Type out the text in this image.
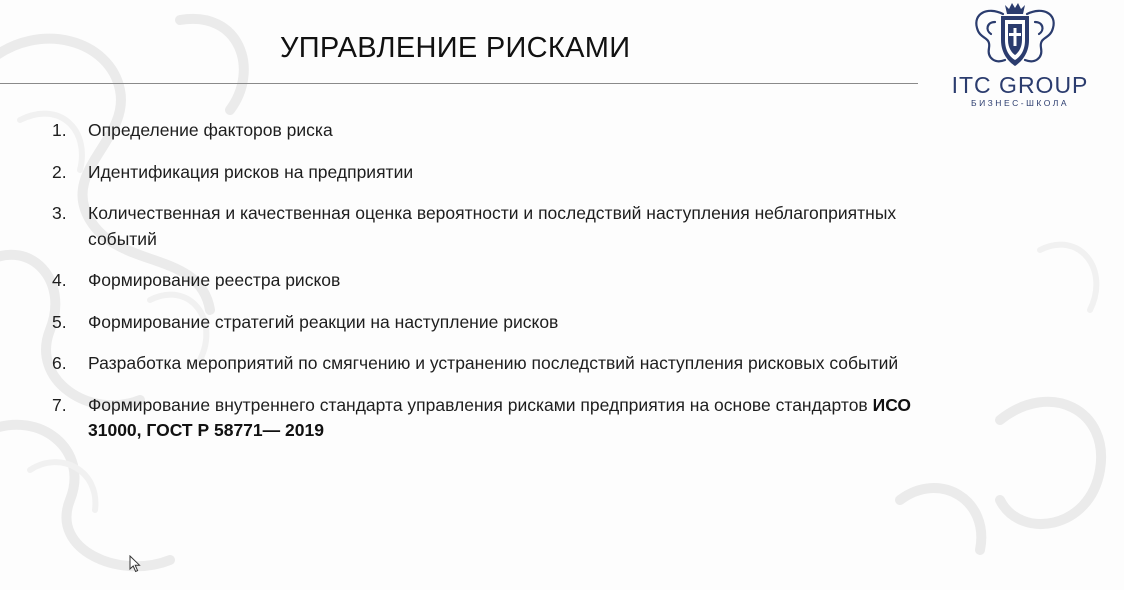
УПРАВЛЕНИЕ РИСКАМИ
ITC GROUP
БИЗНЕС-ШКОЛА
1.	Определение факторов риска
2.	Идентификация рисков на предприятии
3.	Количественная и качественная оценка вероятности и последствий наступления неблагоприятных событий
4.	Формирование реестра рисков
5.	Формирование стратегий реакции на наступление рисков
6.	Разработка мероприятий по смягчению и устранению последствий наступления рисковых событий
7.	Формирование внутреннего стандарта управления рисками предприятия на основе стандартов ИСО 31000, ГОСТ Р 58771— 2019
